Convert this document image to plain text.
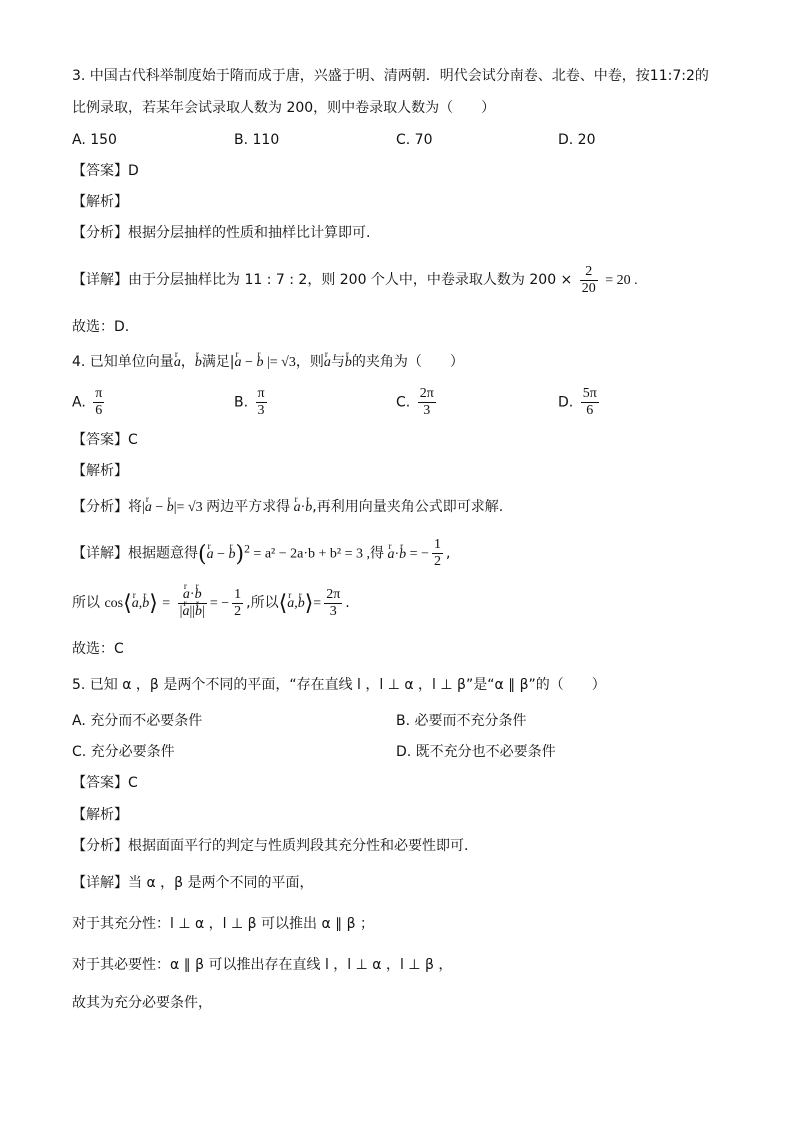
3. 中国古代科举制度始于隋而成于唐，兴盛于明、清两朝．明代会试分南卷、北卷、中卷，按11:7:2的
比例录取，若某年会试录取人数为 200，则中卷录取人数为（　　）
A. 150	B. 110	C. 70	D. 20
【答案】D
【解析】
【分析】根据分层抽样的性质和抽样比计算即可.
【详解】由于分层抽样比为 11 : 7 : 2，则 200 个人中，中卷录取人数为 $200 \times \frac{2}{20} = 20$ .
故选：D.
4. 已知单位向量r a，r b满足|r a − r b |= √3，则r a与r b的夹角为（　　）
A. $\frac{\pi}{6}$	B. $\frac{\pi}{3}$	C. $\frac{2\pi}{3}$	D. $\frac{5\pi}{6}$
【答案】C
【解析】
【分析】将|r a − r b|= √3 两边平方求得 r a·r b,再利用向量夹角公式即可求解.
【详解】根据题意得(r a − r b)$^2$ = a² − 2a·b + b² = 3 ,得 r a·r b = − $\frac{1}{2}$ ,
所以 cos⟨r a,r b⟩ = r $\frac{\text{a·r b}}{\text{|r a||r b|}}$ = − $\frac{1}{2}$ ,所以⟨r a,r b⟩= $\frac{2\pi}{3}$ .
故选：C
5. 已知 α ，β 是两个不同的平面，“存在直线 l ，l ⊥ α ，l ⊥ β”是“α ∥ β”的（　　）
A. 充分而不必要条件	B. 必要而不充分条件
C. 充分必要条件	D. 既不充分也不必要条件
【答案】C
【解析】
【分析】根据面面平行的判定与性质判段其充分性和必要性即可.
【详解】当 α ，β 是两个不同的平面，
对于其充分性：l ⊥ α ，l ⊥ β 可以推出 α ∥ β ；
对于其必要性：α ∥ β 可以推出存在直线 l ，l ⊥ α ，l ⊥ β ，
故其为充分必要条件，
